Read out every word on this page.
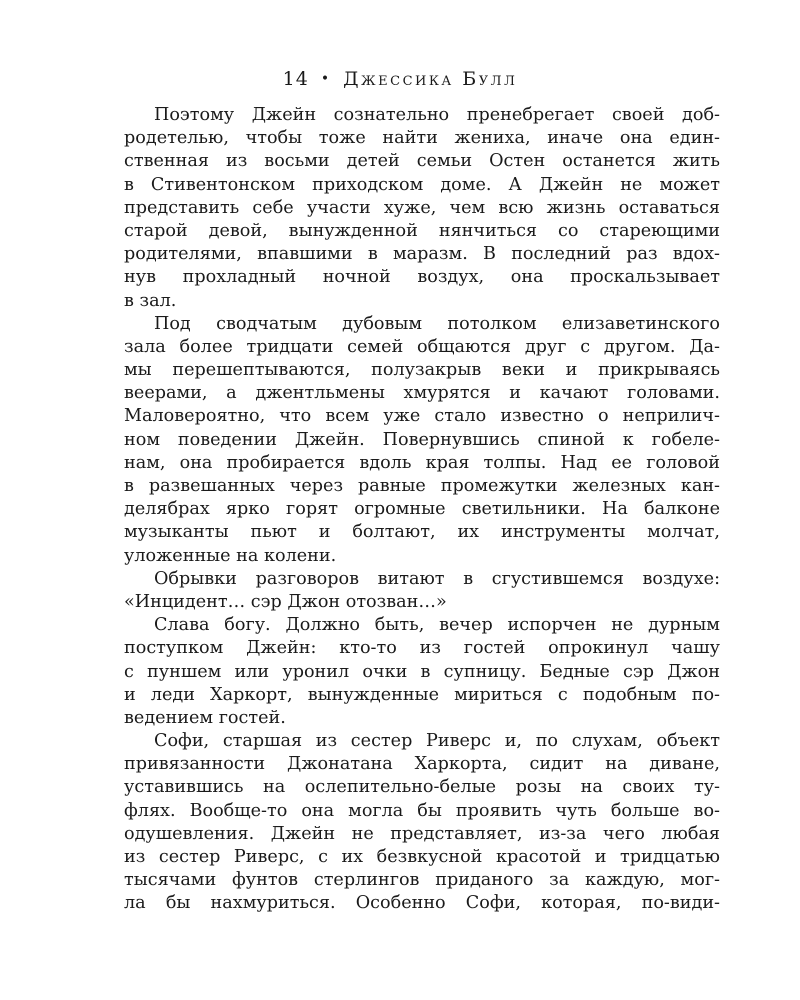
14 • Джессика Булл
Поэтому Джейн сознательно пренебрегает своей доб-
родетелью, чтобы тоже найти жениха, иначе она един-
ственная из восьми детей семьи Остен останется жить
в Стивентонском приходском доме. А Джейн не может
представить себе участи хуже, чем всю жизнь оставаться
старой девой, вынужденной нянчиться со стареющими
родителями, впавшими в маразм. В последний раз вдох-
нув прохладный ночной воздух, она проскальзывает
в зал.
Под сводчатым дубовым потолком елизаветинского
зала более тридцати семей общаются друг с другом. Да-
мы перешептываются, полузакрыв веки и прикрываясь
веерами, а джентльмены хмурятся и качают головами.
Маловероятно, что всем уже стало известно о неприлич-
ном поведении Джейн. Повернувшись спиной к гобеле-
нам, она пробирается вдоль края толпы. Над ее головой
в развешанных через равные промежутки железных кан-
делябрах ярко горят огромные светильники. На балконе
музыканты пьют и болтают, их инструменты молчат,
уложенные на колени.
Обрывки разговоров витают в сгустившемся воздухе:
«Инцидент… сэр Джон отозван…»
Слава богу. Должно быть, вечер испорчен не дурным
поступком Джейн: кто-то из гостей опрокинул чашу
с пуншем или уронил очки в супницу. Бедные сэр Джон
и леди Харкорт, вынужденные мириться с подобным по-
ведением гостей.
Софи, старшая из сестер Риверс и, по слухам, объект
привязанности Джонатана Харкорта, сидит на диване,
уставившись на ослепительно-белые розы на своих ту-
флях. Вообще-то она могла бы проявить чуть больше во-
одушевления. Джейн не представляет, из-за чего любая
из сестер Риверс, с их безвкусной красотой и тридцатью
тысячами фунтов стерлингов приданого за каждую, мог-
ла бы нахмуриться. Особенно Софи, которая, по-види-
